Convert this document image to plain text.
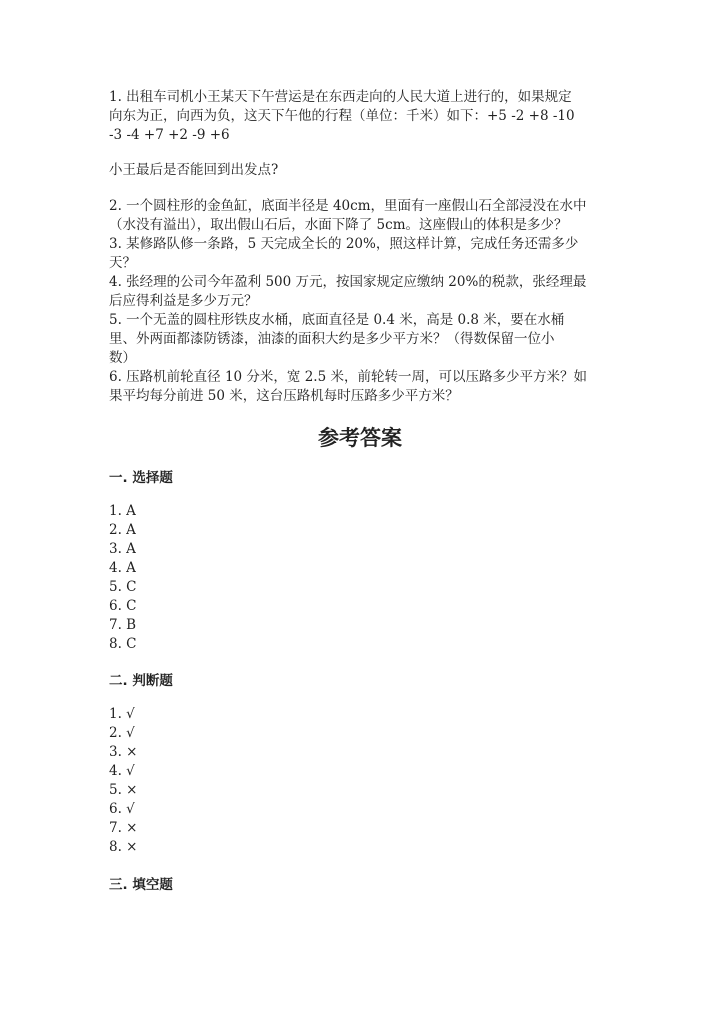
1. 出租车司机小王某天下午营运是在东西走向的人民大道上进行的，如果规定
向东为正，向西为负，这天下午他的行程（单位：千米）如下：+5 -2 +8 -10
-3 -4 +7 +2 -9 +6
小王最后是否能回到出发点?
2. 一个圆柱形的金鱼缸，底面半径是 40cm，里面有一座假山石全部浸没在水中
（水没有溢出），取出假山石后，水面下降了 5cm。这座假山的体积是多少？
3. 某修路队修一条路，5 天完成全长的 20%，照这样计算，完成任务还需多少
天？
4. 张经理的公司今年盈利 500 万元，按国家规定应缴纳 20%的税款，张经理最
后应得利益是多少万元？
5. 一个无盖的圆柱形铁皮水桶，底面直径是 0.4 米，高是 0.8 米，要在水桶
里、外两面都漆防锈漆，油漆的面积大约是多少平方米？（得数保留一位小
数）
6. 压路机前轮直径 10 分米，宽 2.5 米，前轮转一周，可以压路多少平方米？如
果平均每分前进 50 米，这台压路机每时压路多少平方米？
参考答案
一. 选择题
1. A
2. A
3. A
4. A
5. C
6. C
7. B
8. C
二. 判断题
1. √
2. √
3. ×
4. √
5. ×
6. √
7. ×
8. ×
三. 填空题
